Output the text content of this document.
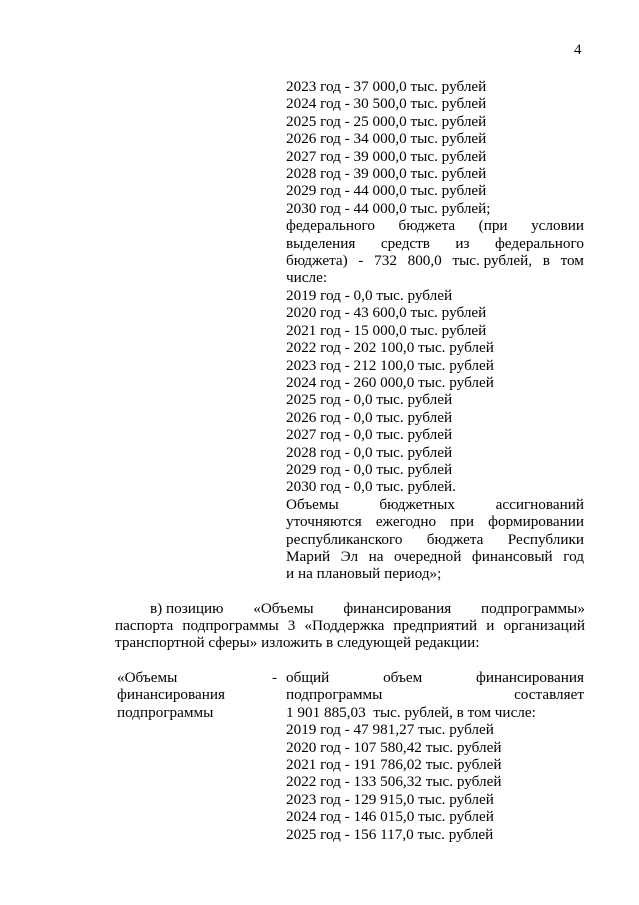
4
2023 год - 37 000,0 тыс. рублей
2024 год - 30 500,0 тыс. рублей
2025 год - 25 000,0 тыс. рублей
2026 год - 34 000,0 тыс. рублей
2027 год - 39 000,0 тыс. рублей
2028 год - 39 000,0 тыс. рублей
2029 год - 44 000,0 тыс. рублей
2030 год - 44 000,0 тыс. рублей;
федерального бюджета (при условии
выделения средств из федерального
бюджета) - 732 800,0 тыс. рублей, в том
числе:
2019 год - 0,0 тыс. рублей
2020 год - 43 600,0 тыс. рублей
2021 год - 15 000,0 тыс. рублей
2022 год - 202 100,0 тыс. рублей
2023 год - 212 100,0 тыс. рублей
2024 год - 260 000,0 тыс. рублей
2025 год - 0,0 тыс. рублей
2026 год - 0,0 тыс. рублей
2027 год - 0,0 тыс. рублей
2028 год - 0,0 тыс. рублей
2029 год - 0,0 тыс. рублей
2030 год - 0,0 тыс. рублей.
Объемы	бюджетных	ассигнований
уточняются ежегодно при формировании
республиканского бюджета Республики
Марий Эл на очередной финансовый год
и на плановый период»;
в) позицию «Объемы финансирования подпрограммы»
паспорта подпрограммы 3 «Поддержка предприятий и организаций
транспортной сферы» изложить в следующей редакции:
«Объемы	-
финансирования
подпрограммы
общий	объем	финансирования
подпрограммы	составляет
1 901 885,03  тыс. рублей, в том числе:
2019 год - 47 981,27 тыс. рублей
2020 год - 107 580,42 тыс. рублей
2021 год - 191 786,02 тыс. рублей
2022 год - 133 506,32 тыс. рублей
2023 год - 129 915,0 тыс. рублей
2024 год - 146 015,0 тыс. рублей
2025 год - 156 117,0 тыс. рублей
